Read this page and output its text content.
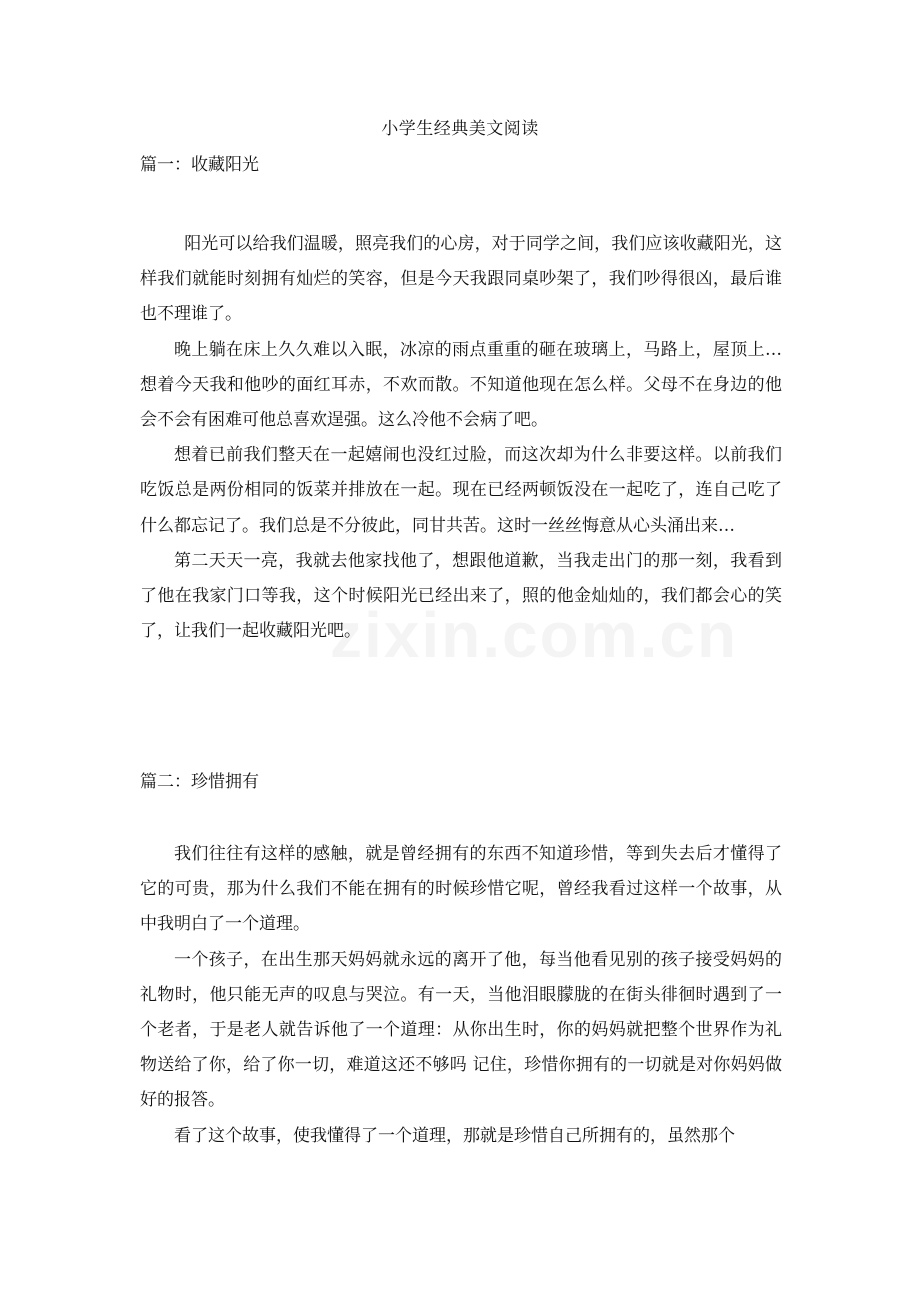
小学生经典美文阅读
篇一：收藏阳光

阳光可以给我们温暖，照亮我们的心房，对于同学之间，我们应该收藏阳光，这样我们就能时刻拥有灿烂的笑容，但是今天我跟同桌吵架了，我们吵得很凶，最后谁也不理谁了。

晚上躺在床上久久难以入眠，冰凉的雨点重重的砸在玻璃上，马路上，屋顶上…想着今天我和他吵的面红耳赤，不欢而散。不知道他现在怎么样。父母不在身边的他会不会有困难可他总喜欢逞强。这么冷他不会病了吧。

想着已前我们整天在一起嬉闹也没红过脸，而这次却为什么非要这样。以前我们吃饭总是两份相同的饭菜并排放在一起。现在已经两顿饭没在一起吃了，连自己吃了什么都忘记了。我们总是不分彼此，同甘共苦。这时一丝丝悔意从心头涌出来…

第二天天一亮，我就去他家找他了，想跟他道歉，当我走出门的那一刻，我看到了他在我家门口等我，这个时候阳光已经出来了，照的他金灿灿的，我们都会心的笑了，让我们一起收藏阳光吧。

篇二：珍惜拥有

我们往往有这样的感触，就是曾经拥有的东西不知道珍惜，等到失去后才懂得了它的可贵，那为什么我们不能在拥有的时候珍惜它呢，曾经我看过这样一个故事，从中我明白了一个道理。

一个孩子，在出生那天妈妈就永远的离开了他，每当他看见别的孩子接受妈妈的礼物时，他只能无声的叹息与哭泣。有一天，当他泪眼朦胧的在街头徘徊时遇到了一个老者，于是老人就告诉他了一个道理：从你出生时，你的妈妈就把整个世界作为礼物送给了你，给了你一切，难道这还不够吗 记住，珍惜你拥有的一切就是对你妈妈做好的报答。

看了这个故事，使我懂得了一个道理，那就是珍惜自己所拥有的，虽然那个
